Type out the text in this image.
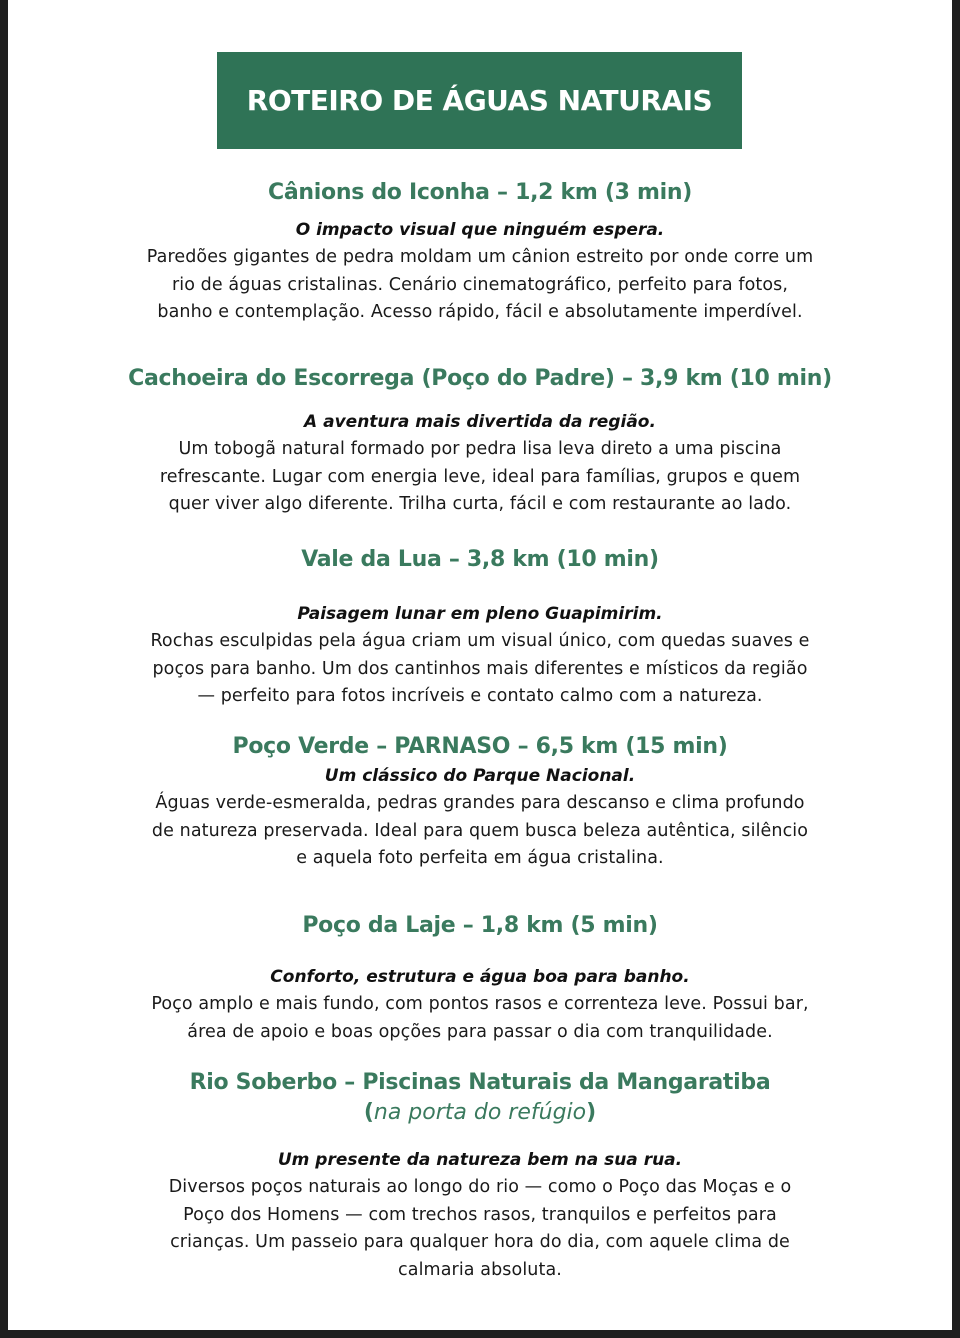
ROTEIRO DE ÁGUAS NATURAIS

Cânions do Iconha – 1,2 km (3 min)

O impacto visual que ninguém espera.

Paredões gigantes de pedra moldam um cânion estreito por onde corre um

rio de águas cristalinas. Cenário cinematográfico, perfeito para fotos,

banho e contemplação. Acesso rápido, fácil e absolutamente imperdível.

Cachoeira do Escorrega (Poço do Padre) – 3,9 km (10 min)

A aventura mais divertida da região.

Um tobogã natural formado por pedra lisa leva direto a uma piscina

refrescante. Lugar com energia leve, ideal para famílias, grupos e quem

quer viver algo diferente. Trilha curta, fácil e com restaurante ao lado.

Vale da Lua – 3,8 km (10 min)

Paisagem lunar em pleno Guapimirim.

Rochas esculpidas pela água criam um visual único, com quedas suaves e

poços para banho. Um dos cantinhos mais diferentes e místicos da região

— perfeito para fotos incríveis e contato calmo com a natureza.

Poço Verde – PARNASO – 6,5 km (15 min)

Um clássico do Parque Nacional.

Águas verde-esmeralda, pedras grandes para descanso e clima profundo

de natureza preservada. Ideal para quem busca beleza autêntica, silêncio

e aquela foto perfeita em água cristalina.

Poço da Laje – 1,8 km (5 min)

Conforto, estrutura e água boa para banho.

Poço amplo e mais fundo, com pontos rasos e correnteza leve. Possui bar,

área de apoio e boas opções para passar o dia com tranquilidade.

Rio Soberbo – Piscinas Naturais da Mangaratiba

(na porta do refúgio)

Um presente da natureza bem na sua rua.

Diversos poços naturais ao longo do rio — como o Poço das Moças e o

Poço dos Homens — com trechos rasos, tranquilos e perfeitos para

crianças. Um passeio para qualquer hora do dia, com aquele clima de

calmaria absoluta.
